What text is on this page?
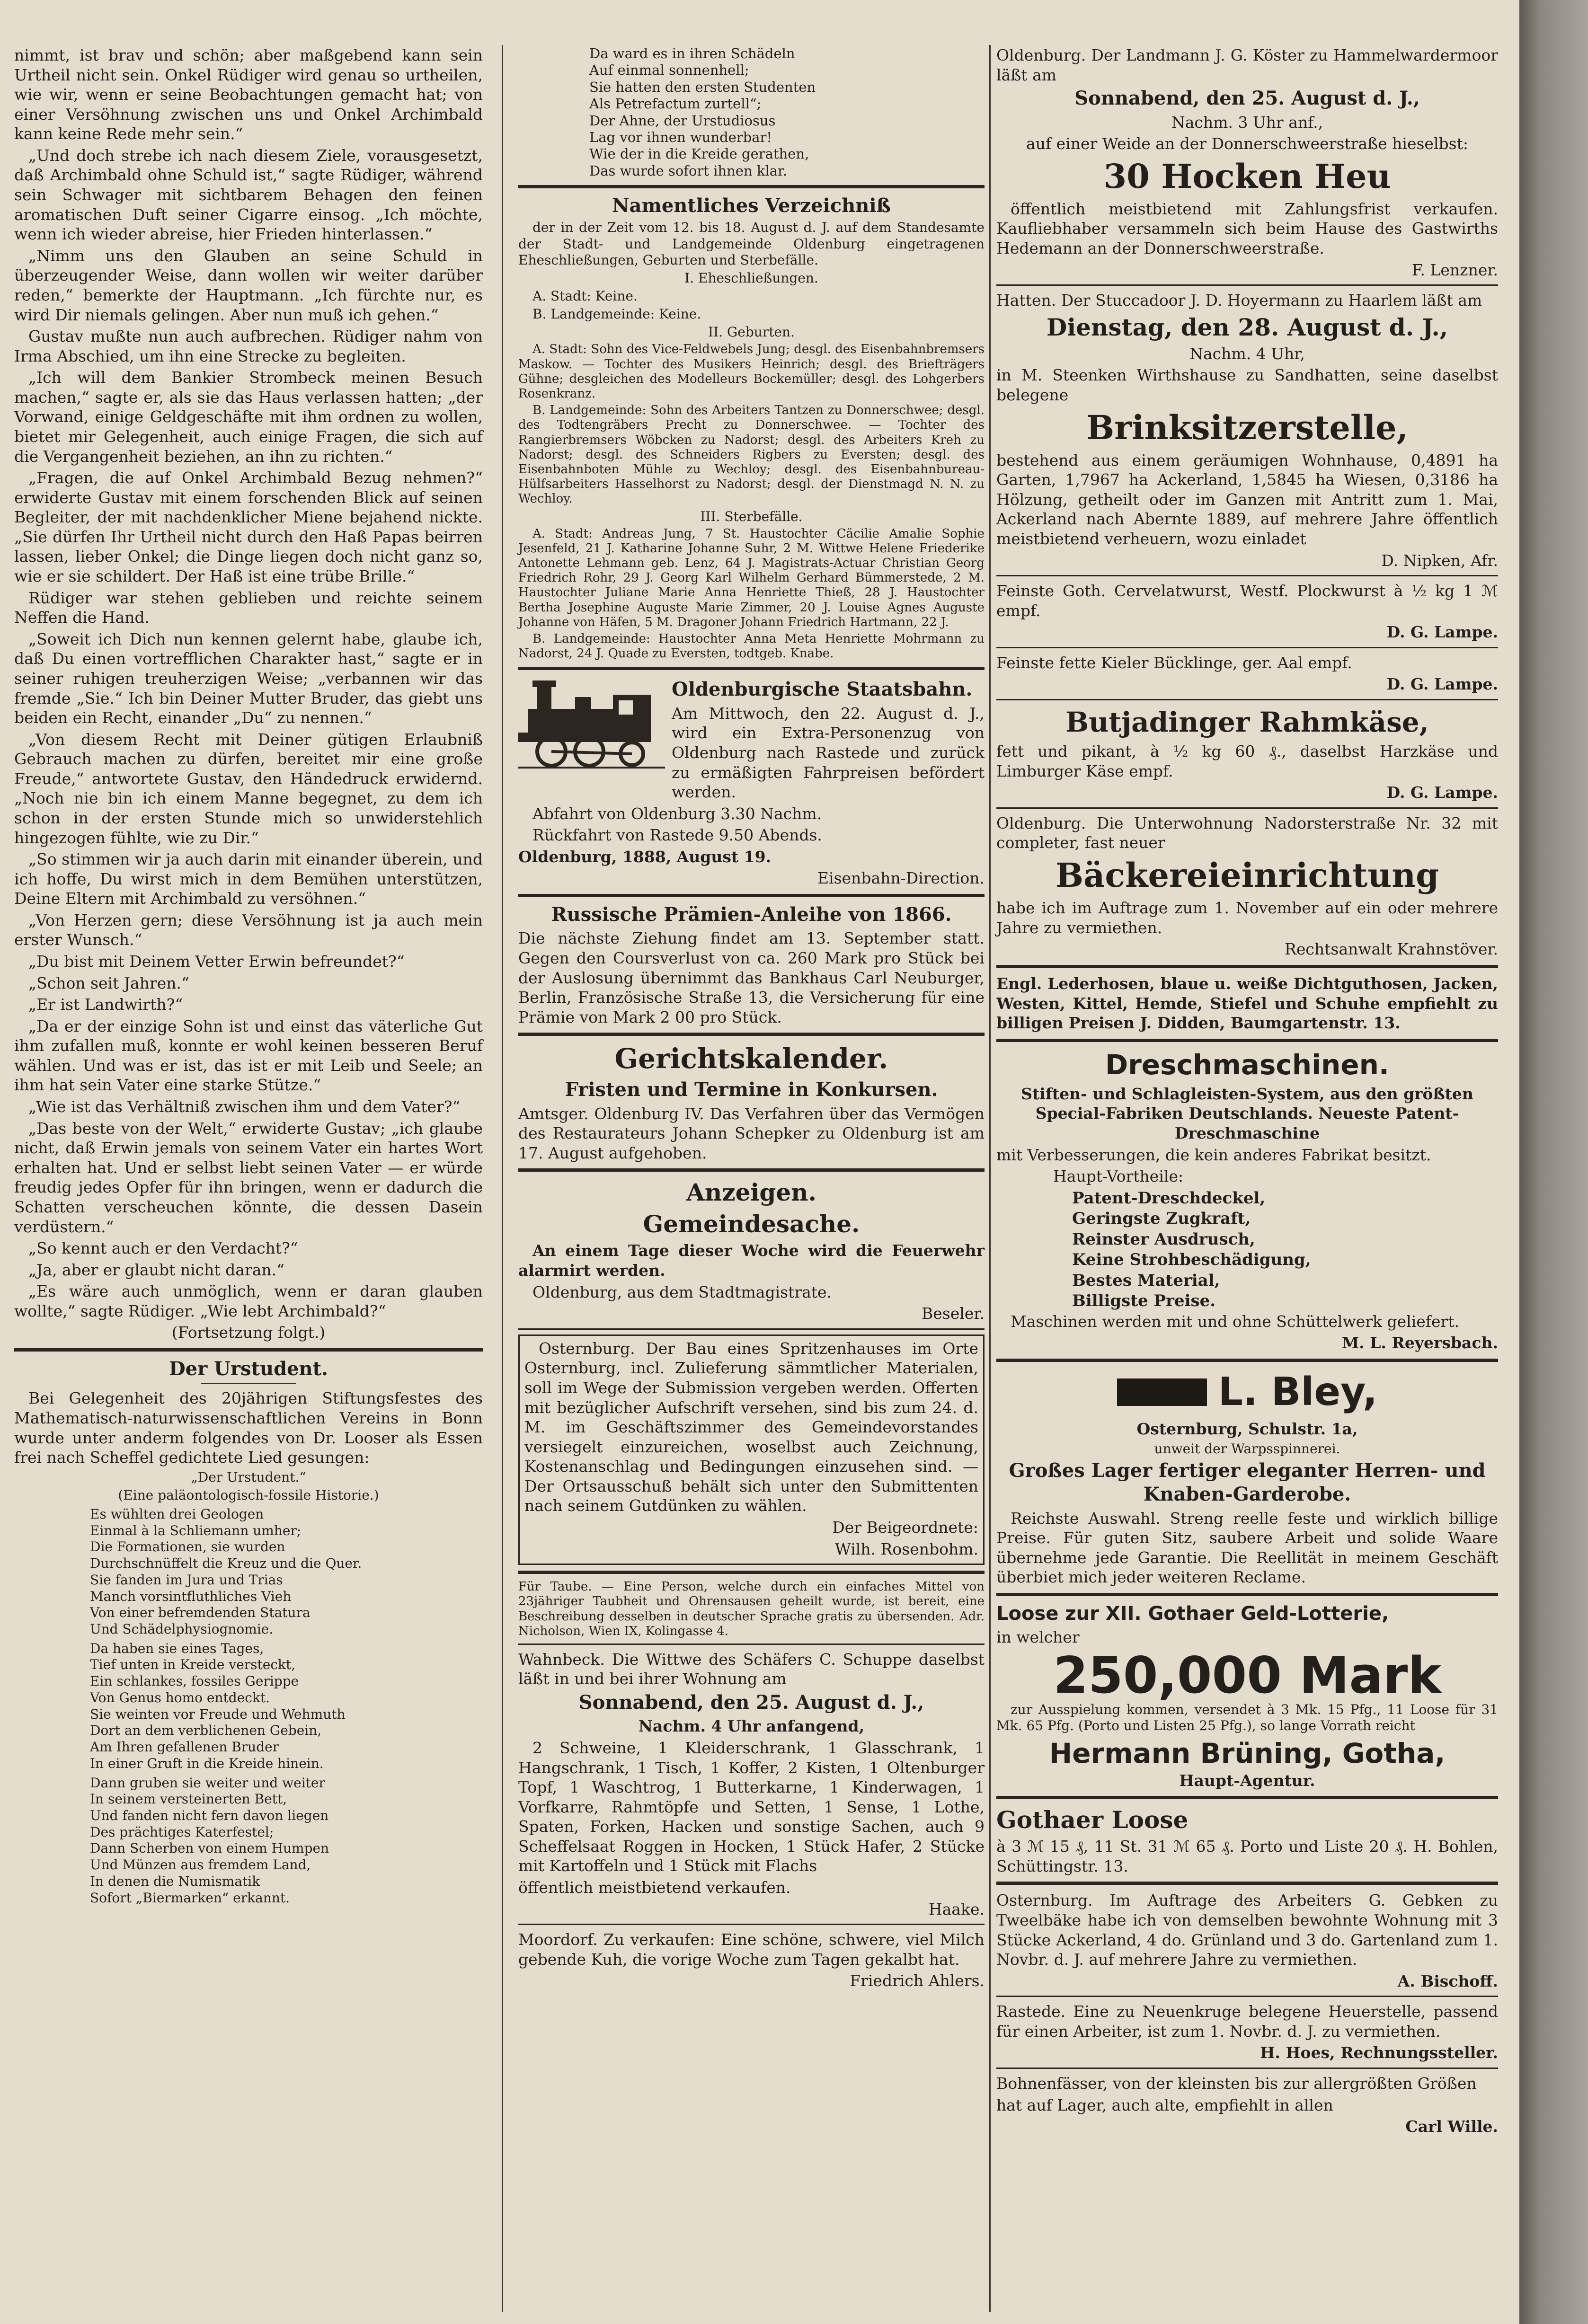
nimmt, ist brav und schön; aber maßgebend kann sein Urtheil nicht sein. Onkel Rüdiger wird genau so urtheilen, wie wir, wenn er seine Beobachtungen gemacht hat; von einer Versöhnung zwischen uns und Onkel Archimbald kann keine Rede mehr sein.“

„Und doch strebe ich nach diesem Ziele, vorausgesetzt, daß Archimbald ohne Schuld ist,“ sagte Rüdiger, während sein Schwager mit sichtbarem Behagen den feinen aromatischen Duft seiner Cigarre einsog. „Ich möchte, wenn ich wieder abreise, hier Frieden hinterlassen.“

„Nimm uns den Glauben an seine Schuld in überzeugender Weise, dann wollen wir weiter darüber reden,“ bemerkte der Hauptmann. „Ich fürchte nur, es wird Dir niemals gelingen. Aber nun muß ich gehen.“

Gustav mußte nun auch aufbrechen. Rüdiger nahm von Irma Abschied, um ihn eine Strecke zu begleiten.

„Ich will dem Bankier Strombeck meinen Besuch machen,“ sagte er, als sie das Haus verlassen hatten; „der Vorwand, einige Geldgeschäfte mit ihm ordnen zu wollen, bietet mir Gelegenheit, auch einige Fragen, die sich auf die Vergangenheit beziehen, an ihn zu richten.“

„Fragen, die auf Onkel Archimbald Bezug nehmen?“ erwiderte Gustav mit einem forschenden Blick auf seinen Begleiter, der mit nachdenklicher Miene bejahend nickte. „Sie dürfen Ihr Urtheil nicht durch den Haß Papas beirren lassen, lieber Onkel; die Dinge liegen doch nicht ganz so, wie er sie schildert. Der Haß ist eine trübe Brille.“

Rüdiger war stehen geblieben und reichte seinem Neffen die Hand.

„Soweit ich Dich nun kennen gelernt habe, glaube ich, daß Du einen vortrefflichen Charakter hast,“ sagte er in seiner ruhigen treuherzigen Weise; „verbannen wir das fremde „Sie.“ Ich bin Deiner Mutter Bruder, das giebt uns beiden ein Recht, einander „Du“ zu nennen.“

„Von diesem Recht mit Deiner gütigen Erlaubniß Gebrauch machen zu dürfen, bereitet mir eine große Freude,“ antwortete Gustav, den Händedruck erwidernd. „Noch nie bin ich einem Manne begegnet, zu dem ich schon in der ersten Stunde mich so unwiderstehlich hingezogen fühlte, wie zu Dir.“

„So stimmen wir ja auch darin mit einander überein, und ich hoffe, Du wirst mich in dem Bemühen unterstützen, Deine Eltern mit Archimbald zu versöhnen.“

„Von Herzen gern; diese Versöhnung ist ja auch mein erster Wunsch.“

„Du bist mit Deinem Vetter Erwin befreundet?“

„Schon seit Jahren.“

„Er ist Landwirth?“

„Da er der einzige Sohn ist und einst das väterliche Gut ihm zufallen muß, konnte er wohl keinen besseren Beruf wählen. Und was er ist, das ist er mit Leib und Seele; an ihm hat sein Vater eine starke Stütze.“

„Wie ist das Verhältniß zwischen ihm und dem Vater?“

„Das beste von der Welt,“ erwiderte Gustav; „ich glaube nicht, daß Erwin jemals von seinem Vater ein hartes Wort erhalten hat. Und er selbst liebt seinen Vater — er würde freudig jedes Opfer für ihn bringen, wenn er dadurch die Schatten verscheuchen könnte, die dessen Dasein verdüstern.“

„So kennt auch er den Verdacht?“

„Ja, aber er glaubt nicht daran.“

„Es wäre auch unmöglich, wenn er daran glauben wollte,“ sagte Rüdiger. „Wie lebt Archimbald?“

(Fortsetzung folgt.)

Der Urstudent.

Bei Gelegenheit des 20jährigen Stiftungsfestes des Mathematisch-naturwissenschaftlichen Vereins in Bonn wurde unter anderm folgendes von Dr. Looser als Essen frei nach Scheffel gedichtete Lied gesungen:

„Der Urstudent.“

(Eine paläontologisch-fossile Historie.)

Es wühlten drei Geologen
Einmal à la Schliemann umher;
Die Formationen, sie wurden
Durchschnüffelt die Kreuz und die Quer.
Sie fanden im Jura und Trias
Manch vorsintfluthliches Vieh
Von einer befremdenden Statura
Und Schädelphysiognomie.
Da haben sie eines Tages,
Tief unten in Kreide versteckt,
Ein schlankes, fossiles Gerippe
Von Genus homo entdeckt.
Sie weinten vor Freude und Wehmuth
Dort an dem verblichenen Gebein,
Am Ihren gefallenen Bruder
In einer Gruft in die Kreide hinein.
Dann gruben sie weiter und weiter
In seinem versteinerten Bett,
Und fanden nicht fern davon liegen
Des prächtiges Katerfestel;
Dann Scherben von einem Humpen
Und Münzen aus fremdem Land,
In denen die Numismatik
Sofort „Biermarken“ erkannt.
Da ward es in ihren Schädeln
Auf einmal sonnenhell;
Sie hatten den ersten Studenten
Als Petrefactum zurtell“;
Der Ahne, der Urstudiosus
Lag vor ihnen wunderbar!
Wie der in die Kreide gerathen,
Das wurde sofort ihnen klar.
Namentliches Verzeichniß

der in der Zeit vom 12. bis 18. August d. J. auf dem Standesamte der Stadt- und Landgemeinde Oldenburg eingetragenen Eheschließungen, Geburten und Sterbefälle.

I. Eheschließungen.

A. Stadt: Keine.

B. Landgemeinde: Keine.

II. Geburten.

A. Stadt: Sohn des Vice-Feldwebels Jung; desgl. des Eisenbahnbremsers Maskow. — Tochter des Musikers Heinrich; desgl. des Briefträgers Gühne; desgleichen des Modelleurs Bockemüller; desgl. des Lohgerbers Rosenkranz.

B. Landgemeinde: Sohn des Arbeiters Tantzen zu Donnerschwee; desgl. des Todtengräbers Precht zu Donnerschwee. — Tochter des Rangierbremsers Wöbcken zu Nadorst; desgl. des Arbeiters Kreh zu Nadorst; desgl. des Schneiders Rigbers zu Eversten; desgl. des Eisenbahnboten Mühle zu Wechloy; desgl. des Eisenbahnbureau-Hülfsarbeiters Hasselhorst zu Nadorst; desgl. der Dienstmagd N. N. zu Wechloy.

III. Sterbefälle.

A. Stadt: Andreas Jung, 7 St. Haustochter Cäcilie Amalie Sophie Jesenfeld, 21 J. Katharine Johanne Suhr, 2 M. Wittwe Helene Friederike Antonette Lehmann geb. Lenz, 64 J. Magistrats-Actuar Christian Georg Friedrich Rohr, 29 J. Georg Karl Wilhelm Gerhard Bümmerstede, 2 M. Haustochter Juliane Marie Anna Henriette Thieß, 28 J. Haustochter Bertha Josephine Auguste Marie Zimmer, 20 J. Louise Agnes Auguste Johanne von Häfen, 5 M. Dragoner Johann Friedrich Hartmann, 22 J.

B. Landgemeinde: Haustochter Anna Meta Henriette Mohrmann zu Nadorst, 24 J. Quade zu Eversten, todtgeb. Knabe.

Oldenburgische Staatsbahn.

Am Mittwoch, den 22. August d. J., wird ein Extra-Personenzug von Oldenburg nach Rastede und zurück zu ermäßigten Fahrpreisen befördert werden.

Abfahrt von Oldenburg 3.30 Nachm.

Rückfahrt von Rastede 9.50 Abends.

Oldenburg, 1888, August 19.

Eisenbahn-Direction.

Russische Prämien-Anleihe von 1866.

Die nächste Ziehung findet am 13. September statt. Gegen den Coursverlust von ca. 260 Mark pro Stück bei der Auslosung übernimmt das Bankhaus Carl Neuburger, Berlin, Französische Straße 13, die Versicherung für eine Prämie von Mark 2 00 pro Stück.

Gerichtskalender.
Fristen und Termine in Konkursen.

Amtsger. Oldenburg IV. Das Verfahren über das Vermögen des Restaurateurs Johann Schepker zu Oldenburg ist am 17. August aufgehoben.

Anzeigen.
Gemeindesache.

An einem Tage dieser Woche wird die Feuerwehr alarmirt werden.

Oldenburg, aus dem Stadtmagistrate.

Beseler.

Osternburg. Der Bau eines Spritzenhauses im Orte Osternburg, incl. Zulieferung sämmtlicher Materialen, soll im Wege der Submission vergeben werden. Offerten mit bezüglicher Aufschrift versehen, sind bis zum 24. d. M. im Geschäftszimmer des Gemeindevorstandes versiegelt einzureichen, woselbst auch Zeichnung, Kostenanschlag und Bedingungen einzusehen sind. — Der Ortsausschuß behält sich unter den Submittenten nach seinem Gutdünken zu wählen.

Der Beigeordnete:

Wilh. Rosenbohm.

Für Taube. — Eine Person, welche durch ein einfaches Mittel von 23jähriger Taubheit und Ohrensausen geheilt wurde, ist bereit, eine Beschreibung desselben in deutscher Sprache gratis zu übersenden. Adr. Nicholson, Wien IX, Kolingasse 4.

Wahnbeck. Die Wittwe des Schäfers C. Schuppe daselbst läßt in und bei ihrer Wohnung am

Sonnabend, den 25. August d. J.,

Nachm. 4 Uhr anfangend,

2 Schweine, 1 Kleiderschrank, 1 Glasschrank, 1 Hangschrank, 1 Tisch, 1 Koffer, 2 Kisten, 1 Oltenburger Topf, 1 Waschtrog, 1 Butterkarne, 1 Kinderwagen, 1 Vorfkarre, Rahmtöpfe und Setten, 1 Sense, 1 Lothe, Spaten, Forken, Hacken und sonstige Sachen, auch 9 Scheffelsaat Roggen in Hocken, 1 Stück Hafer, 2 Stücke mit Kartoffeln und 1 Stück mit Flachs

öffentlich meistbietend verkaufen.

Haake.

Moordorf. Zu verkaufen: Eine schöne, schwere, viel Milch gebende Kuh, die vorige Woche zum Tagen gekalbt hat.

Friedrich Ahlers.

Oldenburg. Der Landmann J. G. Köster zu Hammelwardermoor läßt am

Sonnabend, den 25. August d. J.,

Nachm. 3 Uhr anf.,

auf einer Weide an der Donnerschweerstraße hieselbst:

30 Hocken Heu

öffentlich meistbietend mit Zahlungsfrist verkaufen. Kaufliebhaber versammeln sich beim Hause des Gastwirths Hedemann an der Donnerschweerstraße.

F. Lenzner.

Hatten. Der Stuccadoor J. D. Hoyermann zu Haarlem läßt am

Dienstag, den 28. August d. J.,

Nachm. 4 Uhr,

in M. Steenken Wirthshause zu Sandhatten, seine daselbst belegene

Brinksitzerstelle,

bestehend aus einem geräumigen Wohnhause, 0,4891 ha Garten, 1,7967 ha Ackerland, 1,5845 ha Wiesen, 0,3186 ha Hölzung, getheilt oder im Ganzen mit Antritt zum 1. Mai, Ackerland nach Aberntе 1889, auf mehrere Jahre öffentlich meistbietend verheuern, wozu einladet

D. Nipken, Afr.

Feinste Goth. Cervelatwurst, Westf. Plockwurst à ½ kg 1 ℳ empf.

D. G. Lampe.

Feinste fette Kieler Bücklinge, ger. Aal empf.

D. G. Lampe.

Butjadinger Rahmkäse,

fett und pikant, à ½ kg 60 ₰., daselbst Harzkäse und Limburger Käse empf.

D. G. Lampe.

Oldenburg. Die Unterwohnung Nadorsterstraße Nr. 32 mit completer, fast neuer

Bäckereieinrichtung

habe ich im Auftrage zum 1. November auf ein oder mehrere Jahre zu vermiethen.

Rechtsanwalt Krahnstöver.

Engl. Lederhosen, blaue u. weiße Dichtguthosen, Jacken, Westen, Kittel, Hemde, Stiefel und Schuhe empfiehlt zu billigen Preisen J. Didden, Baumgartenstr. 13.

Dreschmaschinen.

Stiften- und Schlagleisten-System, aus den größten Special-Fabriken Deutschlands. Neueste Patent-Dreschmaschine

mit Verbesserungen, die kein anderes Fabrikat besitzt.

Haupt-Vortheile:

Patent-Dreschdeckel,

Geringste Zugkraft,

Reinster Ausdrusch,

Keine Strohbeschädigung,

Bestes Material,

Billigste Preise.

Maschinen werden mit und ohne Schüttelwerk geliefert.

M. L. Reyersbach.

L. Bley,

Osternburg, Schulstr. 1a,

unweit der Warpsspinnerei.

Großes Lager fertiger eleganter Herren- und Knaben-Garderobe.

Reichste Auswahl. Streng reelle feste und wirklich billige Preise. Für guten Sitz, saubere Arbeit und solide Waare übernehme jede Garantie. Die Reellität in meinem Geschäft überbiet mich jeder weiteren Reclame.

Loose zur XII. Gothaer Geld-Lotterie,

in welcher

250,000 Mark

zur Ausspielung kommen, versendet à 3 Mk. 15 Pfg., 11 Loose für 31 Mk. 65 Pfg. (Porto und Listen 25 Pfg.), so lange Vorrath reicht

Hermann Brüning, Gotha,

Haupt-Agentur.

Gothaer Loose

à 3 ℳ 15 ₰, 11 St. 31 ℳ 65 ₰. Porto und Liste 20 ₰. H. Bohlen, Schüttingstr. 13.

Osternburg. Im Auftrage des Arbeiters G. Gebken zu Tweelbäke habe ich von demselben bewohnte Wohnung mit 3 Stücke Ackerland, 4 do. Grünland und 3 do. Gartenland zum 1. Novbr. d. J. auf mehrere Jahre zu vermiethen.

A. Bischoff.

Rastede. Eine zu Neuenkruge belegene Heuerstelle, passend für einen Arbeiter, ist zum 1. Novbr. d. J. zu vermiethen.

H. Hoes, Rechnungssteller.

Bohnenfässer, von der kleinsten bis zur allergrößten Größen

hat auf Lager, auch alte, empfiehlt in allen

Carl Wille.
